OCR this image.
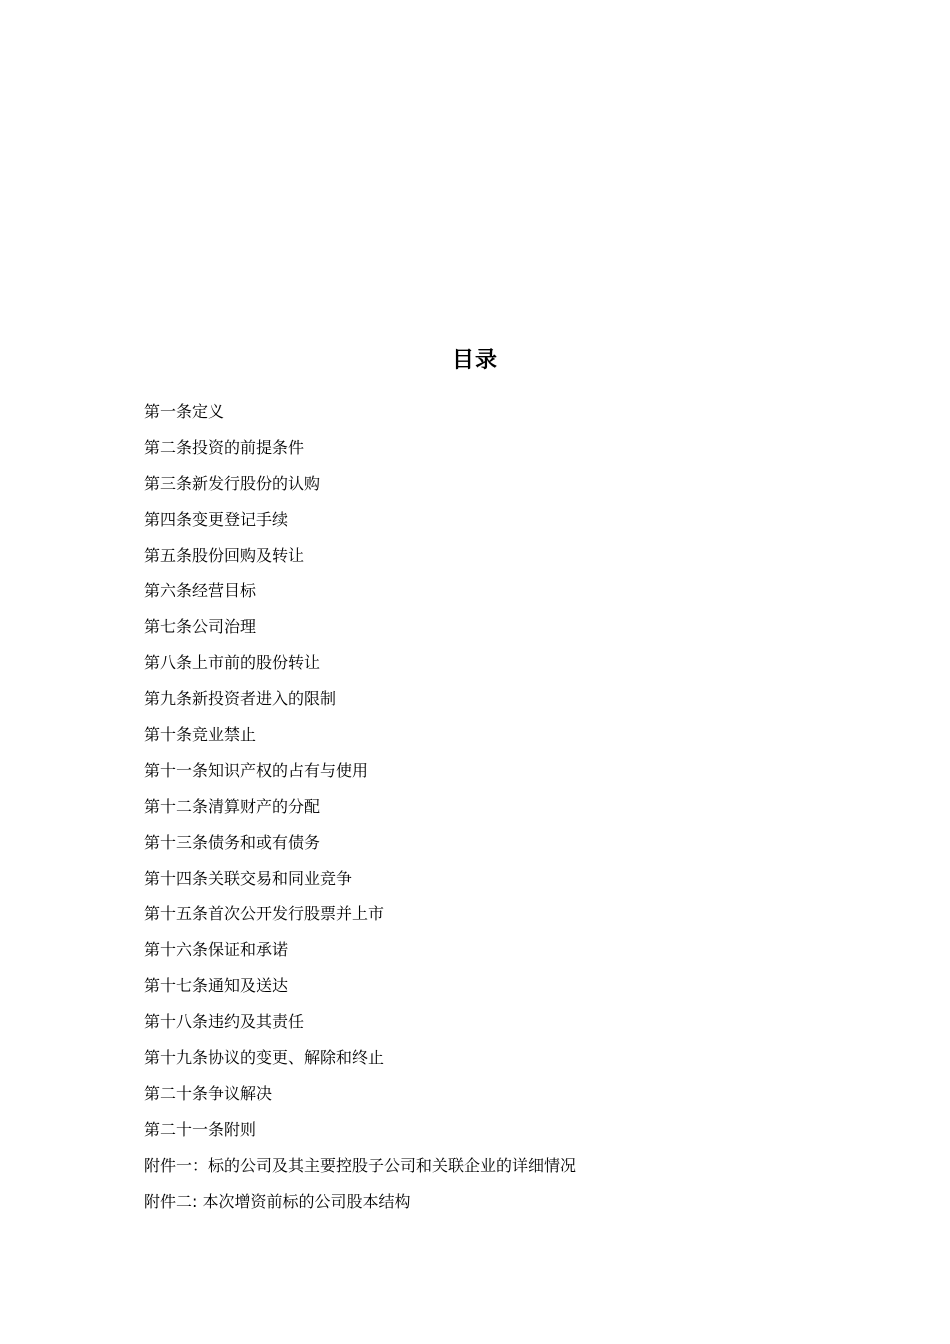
目录
第一条定义
第二条投资的前提条件
第三条新发行股份的认购
第四条变更登记手续
第五条股份回购及转让
第六条经营目标
第七条公司治理
第八条上市前的股份转让
第九条新投资者进入的限制
第十条竞业禁止
第十一条知识产权的占有与使用
第十二条清算财产的分配
第十三条债务和或有债务
第十四条关联交易和同业竞争
第十五条首次公开发行股票并上市
第十六条保证和承诺
第十七条通知及送达
第十八条违约及其责任
第十九条协议的变更、解除和终止
第二十条争议解决
第二十一条附则
附件一：标的公司及其主要控股子公司和关联企业的详细情况
附件二: 本次增资前标的公司股本结构
